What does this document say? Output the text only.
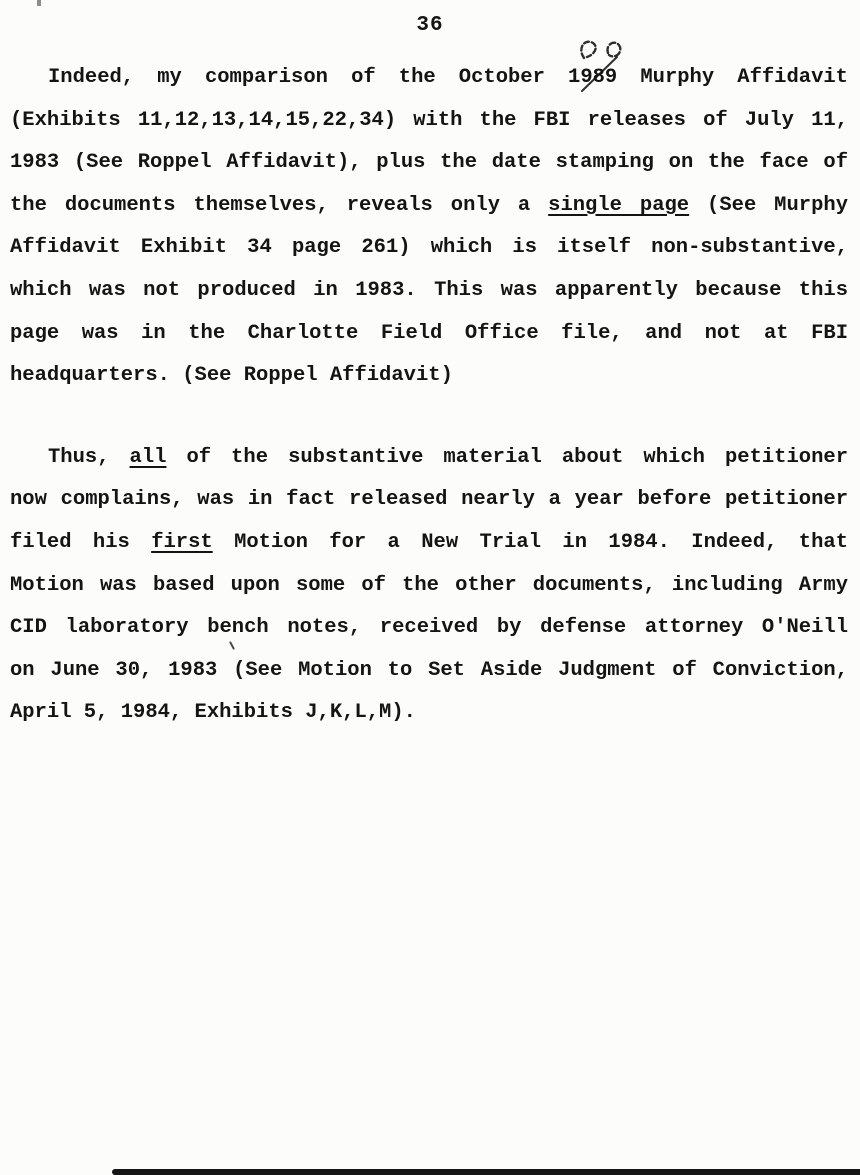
36
Indeed, my comparison of the October 1989 Murphy Affidavit
(Exhibits 11,12,13,14,15,22,34) with the FBI releases of July 11,
1983 (See Roppel Affidavit), plus the date stamping on the face of
the documents themselves, reveals only a single page (See Murphy
Affidavit Exhibit 34 page 261) which is itself non-substantive,
which was not produced in 1983. This was apparently because this
page was in the Charlotte Field Office file, and not at FBI
headquarters. (See Roppel Affidavit)
Thus, all of the substantive material about which petitioner
now complains, was in fact released nearly a year before petitioner
filed his first Motion for a New Trial in 1984. Indeed, that
Motion was based upon some of the other documents, including Army
CID laboratory bench notes, received by defense attorney O'Neill
on June 30, 1983 (See Motion to Set Aside Judgment of Conviction,
April 5, 1984, Exhibits J,K,L,M).
